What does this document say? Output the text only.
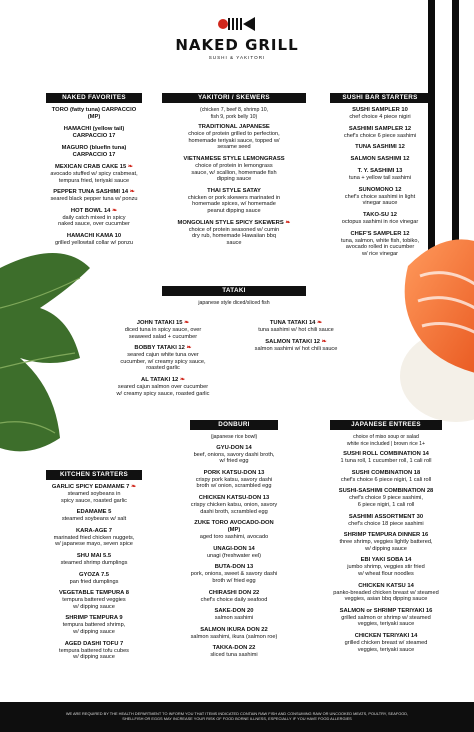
NAKED GRILL
SUSHI & YAKITORI
NAKED FAVORITES
TORO (fatty tuna) CARPACCIO (MP)
HAMACHI (yellow tail) CARPACCIO 17
MAGURO (bluefin tuna) CARPACCIO 17
MEXICAN CRAB CAKE 15 ❧
avocado stuffed w/ spicy crabmeat,
tempura fried, teriyaki sauce
PEPPER TUNA SASHIMI 14 ❧
seared black pepper tuna w/ ponzu
HOT BOWL 14 ❧
daily catch mixed in spicy
naked sauce, over cucumber
HAMACHI KAMA 10
grilled yellowtail collar w/ ponzu
KITCHEN STARTERS
GARLIC SPICY EDAMAME 7 ❧
steamed soybeans in
spicy sauce, roasted garlic
EDAMAME 5
steamed soybeans w/ salt
KARA-AGE 7
marinated fried chicken nuggets,
w/ japanese mayo, seven spice
SHU MAI 5.5
steamed shrimp dumplings
GYOZA 7.5
pan fried dumplings
VEGETABLE TEMPURA 8
tempura battered veggies
w/ dipping sauce
SHRIMP TEMPURA 9
tempura battered shrimp,
w/ dipping sauce
AGED DASHI TOFU 7
tempura battered tofu cubes
w/ dipping sauce
YAKITORI / SKEWERS
(chicken 7, beef 8, shrimp 10,
fish 9, pork belly 10)
TRADITIONAL JAPANESE
choice of protein grilled to perfection,
homemade teriyaki sauce, topped w/
sesame seed
VIETNAMESE STYLE LEMONGRASS
choice of protein in lemongrass
sauce, w/ scallion, homemade fish
dipping sauce
THAI STYLE SATAY
chicken or pork skewers marinated in
homemade spices, w/ homemade
peanut dipping sauce
MONGOLIAN STYLE SPICY SKEWERS ❧
choice of protein seasoned w/ cumin
dry rub, homemade Hawaiian bbq
sauce
TATAKI
japanese style diced/sliced fish
JOHN TATAKI 15 ❧
diced tuna in spicy sauce, over
seaweed salad + cucumber
BOBBY TATAKI 12 ❧
seared cajun white tuna over
cucumber, w/ creamy spicy sauce,
roasted garlic
AL TATAKI 12 ❧
seared cajun salmon over cucumber
w/ creamy spicy sauce, roasted garlic
TUNA TATAKI 14 ❧
tuna sashimi w/ hot chili sauce
SALMON TATAKI 12 ❧
salmon sashimi w/ hot chili sauce
DONBURI
(japanese rice bowl)
GYU-DON 14
beef, onions, savory dashi broth,
w/ fried egg
PORK KATSU-DON 13
crispy pork katsu, savory dashi
broth w/ onion, scrambled egg
CHICKEN KATSU-DON 13
crispy chicken katsu, onion, savory
dashi broth, scrambled egg
ZUKE TORO AVOCADO-DON (MP)
aged toro sashimi, avocado
UNAGI-DON 14
unagi (freshwater eel)
BUTA-DON 13
pork, onions, sweet & savory dashi
broth w/ fried egg
CHIRASHI DON 22
chef's choice daily seafood
SAKE-DON 20
salmon sashimi
SALMON IKURA DON 22
salmon sashimi, ikura (salmon roe)
TAKKA-DON 22
sliced tuna sashimi
SUSHI BAR STARTERS
SUSHI SAMPLER 10
chef choice 4 piece nigiri
SASHIMI SAMPLER 12
chef's choice 6 piece sashimi
TUNA SASHIMI 12
SALMON SASHIMI 12
T. Y. SASHIMI 13
tuna + yellow tail sashimi
SUNOMONO 12
chef's choice sashimi in light
vinegar sauce
TAKO-SU 12
octopus sashimi in rice vinegar
CHEF'S SAMPLER 12
tuna, salmon, white fish, tobiko,
avocado rolled in cucumber
w/ rice vinegar
JAPANESE ENTREES
choice of miso soup or salad
white rice included | brown rice 1+
SUSHI ROLL COMBINATION 14
1 tuna roll, 1 cucumber roll, 1 cali roll
SUSHI COMBINATION 18
chef's choice 6 piece nigiri, 1 cali roll
SUSHI-SASHIMI COMBINATION 28
chef's choice 9 piece sashimi,
6 piece nigiri, 1 cali roll
SASHIMI ASSORTMENT 30
chef's choice 18 piece sashimi
SHRIMP TEMPURA DINNER 16
three shrimp, veggies lightly battered,
w/ dipping sauce
EBI YAKI SOBA 14
jumbo shrimp, veggies stir fried
w/ wheat flour noodles
CHICKEN KATSU 14
panko-breaded chicken breast w/ steamed
veggies, asian bbq dipping sauce
SALMON or SHRIMP TERIYAKI 16
grilled salmon or shrimp w/ steamed
veggies, teriyaki sauce
CHICKEN TERIYAKI 14
grilled chicken breast w/ steamed
veggies, teriyaki sauce
WE ARE REQUIRED BY THE HEALTH DEPARTMENT TO INFORM YOU THAT ITEMS INDICATED CONTAIN RAW FISH AND CONSUMING RAW OR UNCOOKED MEATS, POULTRY, SEAFOOD, SHELLFISH OR EGGS MAY INCREASE YOUR RISK OF FOOD BORNE ILLNESS, ESPECIALLY IF YOU HAVE FOOD ALLERGIES
